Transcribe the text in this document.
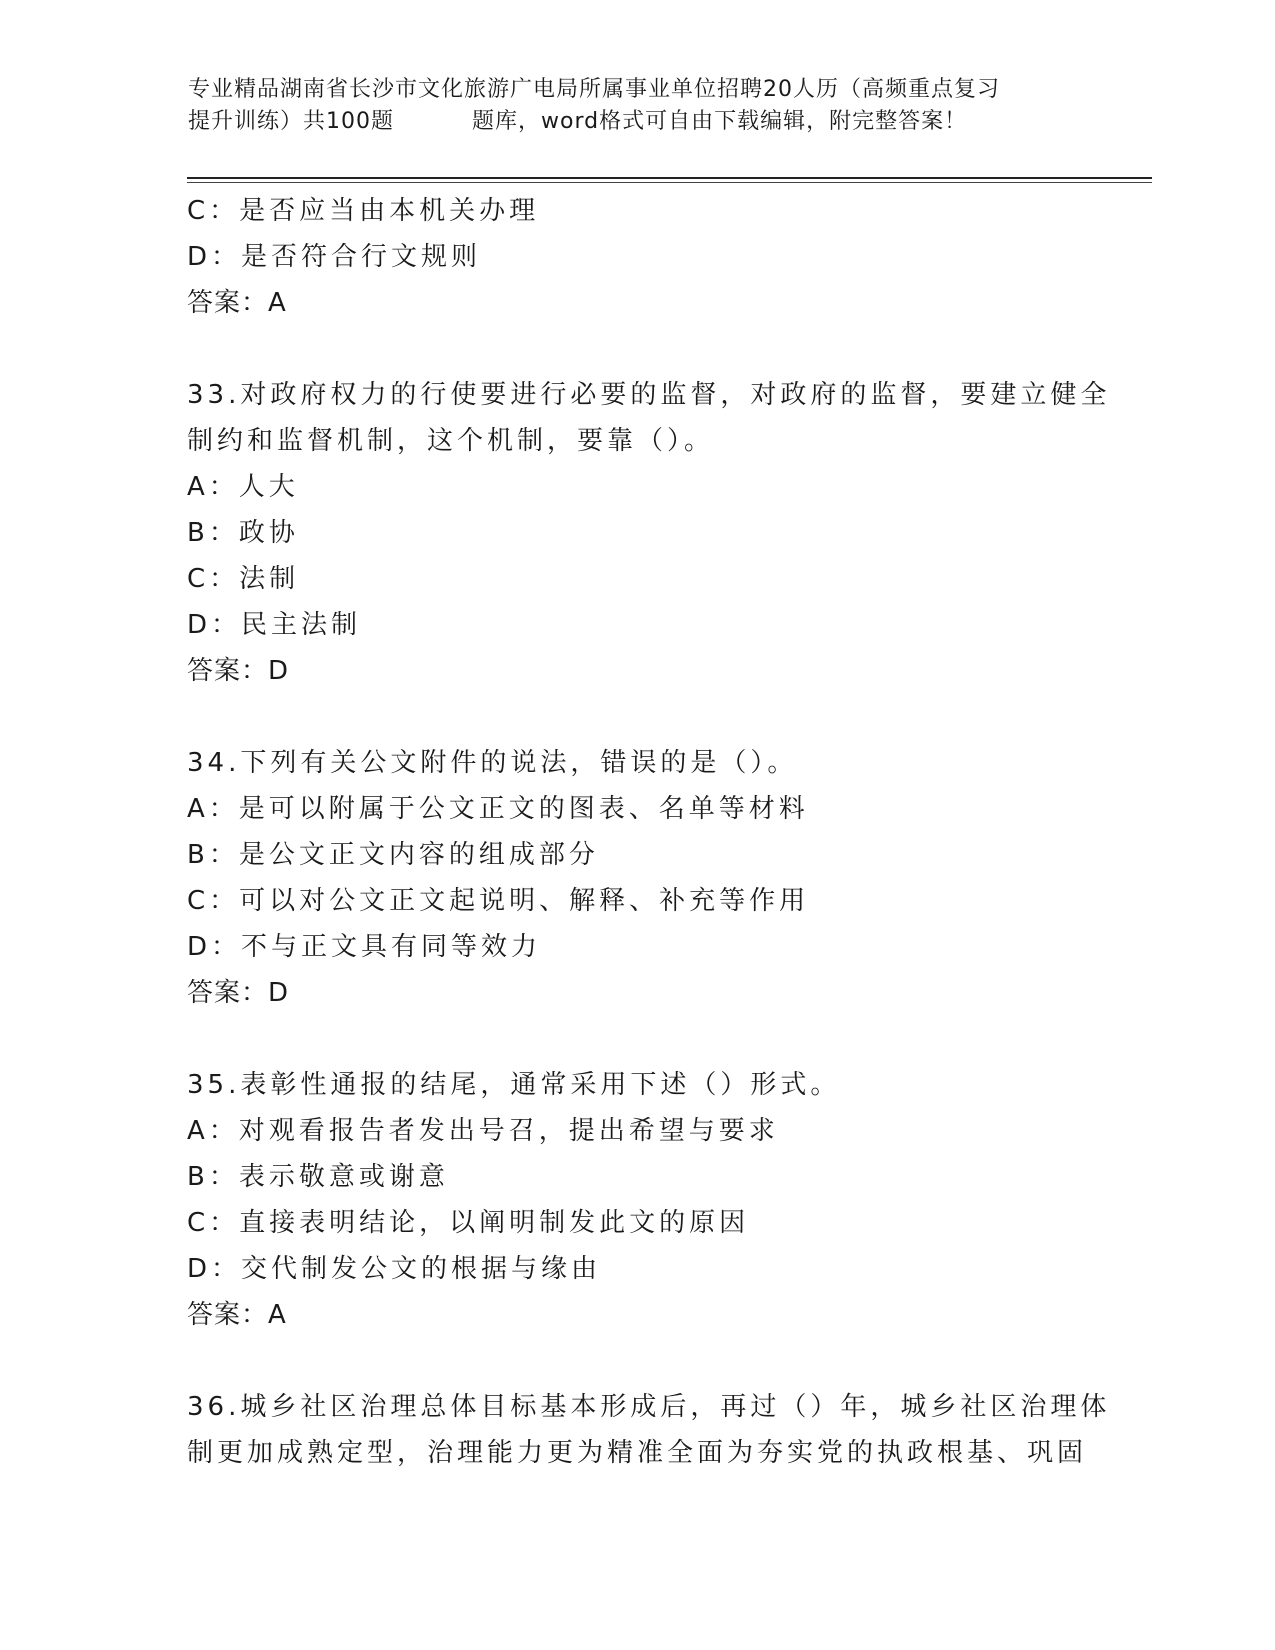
专业精品湖南省长沙市文化旅游广电局所属事业单位招聘20人历（高频重点复习
提升训练）共100题	题库，word格式可自由下载编辑，附完整答案！
C：是否应当由本机关办理
D：是否符合行文规则
答案：A
33.对政府权力的行使要进行必要的监督，对政府的监督，要建立健全
制约和监督机制，这个机制，要靠（）。
A：人大
B：政协
C：法制
D：民主法制
答案：D
34.下列有关公文附件的说法，错误的是（）。
A：是可以附属于公文正文的图表、名单等材料
B：是公文正文内容的组成部分
C：可以对公文正文起说明、解释、补充等作用
D：不与正文具有同等效力
答案：D
35.表彰性通报的结尾，通常采用下述（）形式。
A：对观看报告者发出号召，提出希望与要求
B：表示敬意或谢意
C：直接表明结论，以阐明制发此文的原因
D：交代制发公文的根据与缘由
答案：A
36.城乡社区治理总体目标基本形成后，再过（）年，城乡社区治理体
制更加成熟定型，治理能力更为精准全面为夯实党的执政根基、巩固
